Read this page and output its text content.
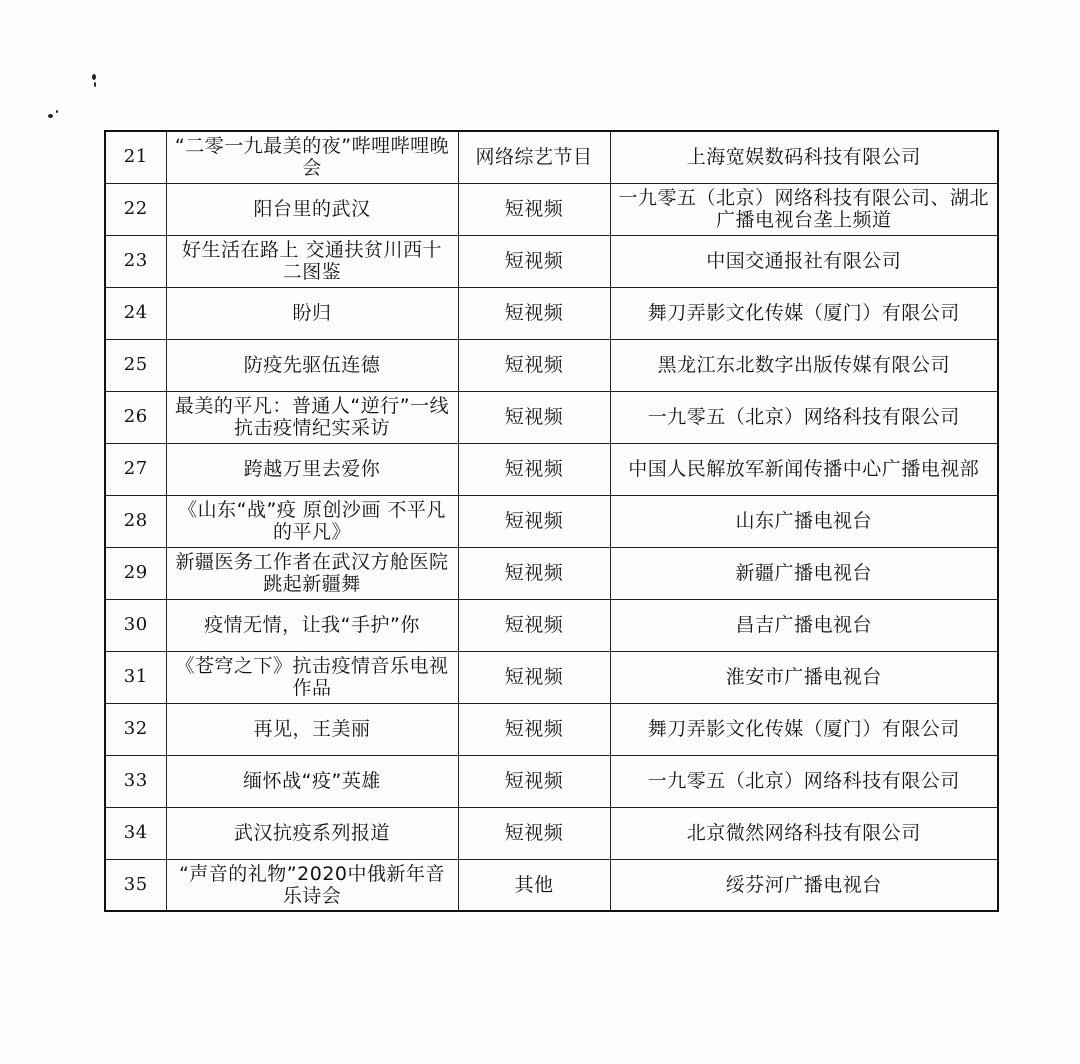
21	“二零一九最美的夜”哔哩哔哩晚会	网络综艺节目	上海宽娱数码科技有限公司
22	阳台里的武汉	短视频	一九零五（北京）网络科技有限公司、湖北广播电视台垄上频道
23	好生活在路上 交通扶贫川西十二图鉴	短视频	中国交通报社有限公司
24	盼归	短视频	舞刀弄影文化传媒（厦门）有限公司
25	防疫先驱伍连德	短视频	黑龙江东北数字出版传媒有限公司
26	最美的平凡：普通人“逆行”一线抗击疫情纪实采访	短视频	一九零五（北京）网络科技有限公司
27	跨越万里去爱你	短视频	中国人民解放军新闻传播中心广播电视部
28	《山东“战”疫 原创沙画 不平凡的平凡》	短视频	山东广播电视台
29	新疆医务工作者在武汉方舱医院跳起新疆舞	短视频	新疆广播电视台
30	疫情无情，让我“手护”你	短视频	昌吉广播电视台
31	《苍穹之下》抗击疫情音乐电视作品	短视频	淮安市广播电视台
32	再见，王美丽	短视频	舞刀弄影文化传媒（厦门）有限公司
33	缅怀战“疫”英雄	短视频	一九零五（北京）网络科技有限公司
34	武汉抗疫系列报道	短视频	北京微然网络科技有限公司
35	“声音的礼物”2020中俄新年音乐诗会	其他	绥芬河广播电视台
